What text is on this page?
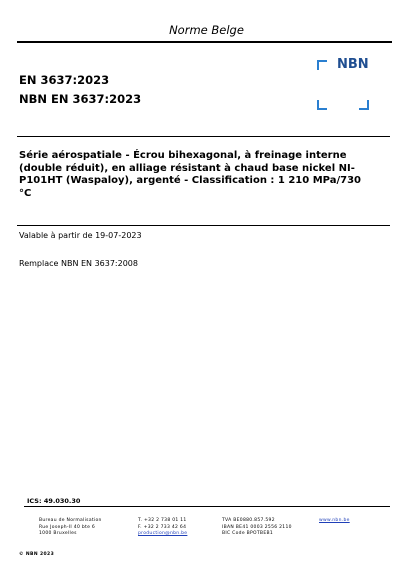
Norme Belge
EN 3637:2023
NBN EN 3637:2023
NBN
Série aérospatiale - Écrou bihexagonal, à freinage interne (double réduit), en alliage résistant à chaud base nickel NI-P101HT (Waspaloy), argenté - Classification : 1 210 MPa/730 °C
Valable à partir de 19-07-2023
Remplace NBN EN 3637:2008
ICS: 49.030.30
Bureau de Normalisation
Rue Joseph-II 40 bte 6
1000 Bruxelles
T. +32 2 738 01 11
F. +32 2 733 42 64
production@nbn.be
TVA BE0880.857.592
IBAN BE41 0003 2556 2110
BIC Code BPOTBEB1
www.nbn.be
© NBN 2023
